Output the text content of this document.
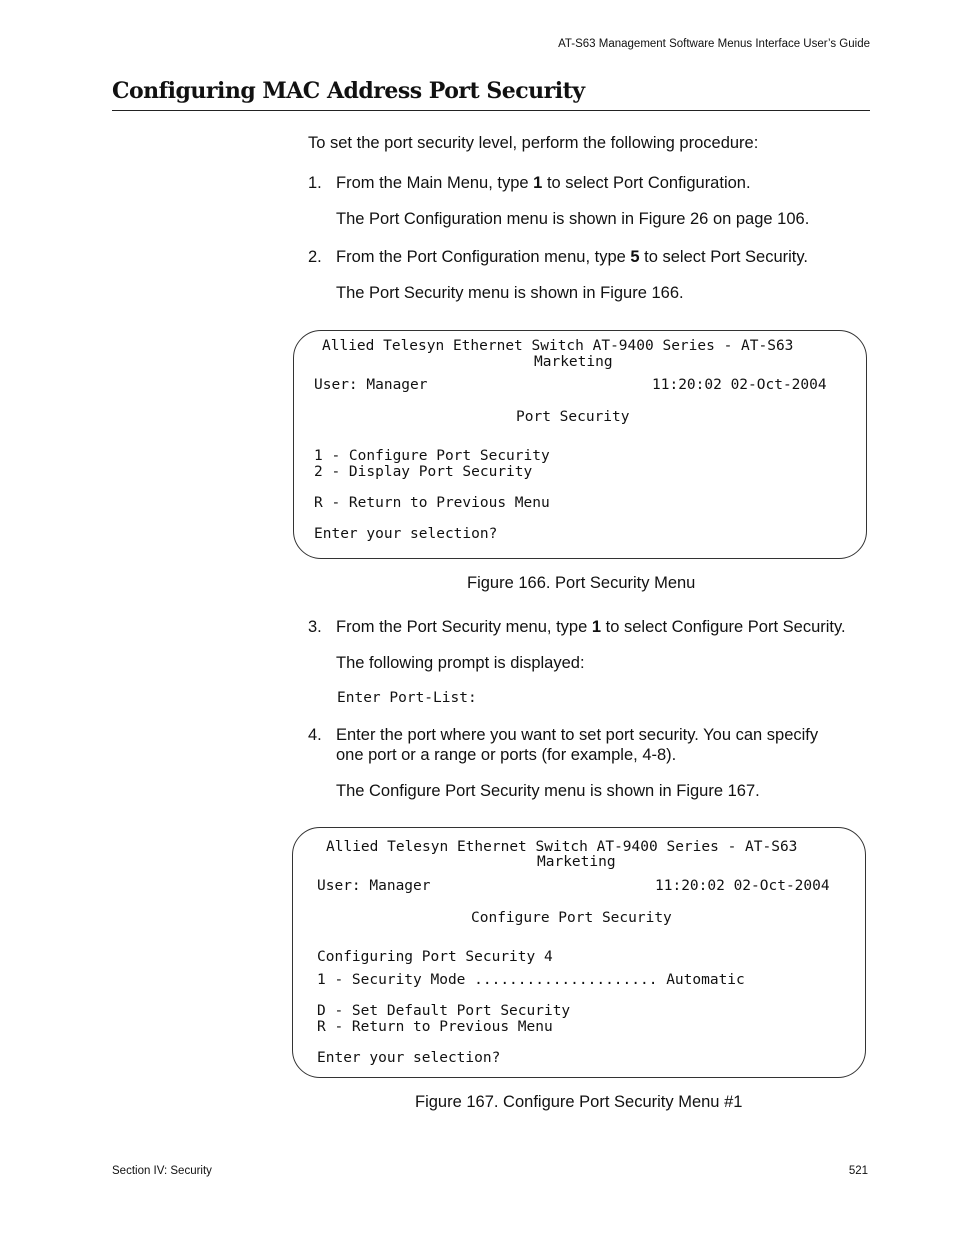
AT-S63 Management Software Menus Interface User’s Guide
Configuring MAC Address Port Security
To set the port security level, perform the following procedure:
1. From the Main Menu, type 1 to select Port Configuration.
The Port Configuration menu is shown in Figure 26 on page 106.
2. From the Port Configuration menu, type 5 to select Port Security.
The Port Security menu is shown in Figure 166.
Allied Telesyn Ethernet Switch AT-9400 Series - AT-S63
Marketing
User: Manager	11:20:02 02-Oct-2004
Port Security
1 - Configure Port Security
2 - Display Port Security
R - Return to Previous Menu
Enter your selection?
Figure 166. Port Security Menu
3. From the Port Security menu, type 1 to select Configure Port Security.
The following prompt is displayed:
Enter Port-List:
4. Enter the port where you want to set port security. You can specify
one port or a range or ports (for example, 4-8).
The Configure Port Security menu is shown in Figure 167.
Allied Telesyn Ethernet Switch AT-9400 Series - AT-S63
Marketing
User: Manager	11:20:02 02-Oct-2004
Configure Port Security
Configuring Port Security 4
1 - Security Mode ..................... Automatic
D - Set Default Port Security
R - Return to Previous Menu
Enter your selection?
Figure 167. Configure Port Security Menu #1
Section IV: Security	521
